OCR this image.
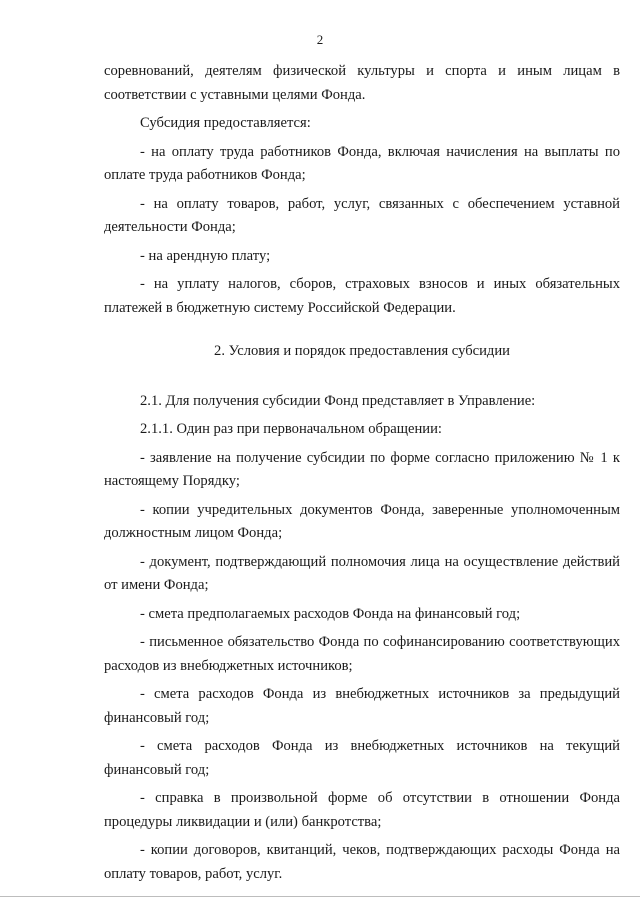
2

соревнований, деятелям физической культуры и спорта и иным лицам в соответствии с уставными целями Фонда.

Субсидия предоставляется:

- на оплату труда работников Фонда, включая начисления на выплаты по оплате труда работников Фонда;

- на оплату товаров, работ, услуг, связанных с обеспечением уставной деятельности Фонда;

- на арендную плату;

- на уплату налогов, сборов, страховых взносов и иных обязательных платежей в бюджетную систему Российской Федерации.

2. Условия и порядок предоставления субсидии

2.1. Для получения субсидии Фонд представляет в Управление:

2.1.1. Один раз при первоначальном обращении:

- заявление на получение субсидии по форме согласно приложению № 1 к настоящему Порядку;

- копии учредительных документов Фонда, заверенные уполномоченным должностным лицом Фонда;

- документ, подтверждающий полномочия лица на осуществление действий от имени Фонда;

- смета предполагаемых расходов Фонда на финансовый год;

- письменное обязательство Фонда по софинансированию соответствующих расходов из внебюджетных источников;

- смета расходов Фонда из внебюджетных источников за предыдущий финансовый год;

- смета расходов Фонда из внебюджетных источников на текущий финансовый год;

- справка в произвольной форме об отсутствии в отношении Фонда процедуры ликвидации и (или) банкротства;

- копии договоров, квитанций, чеков, подтверждающих расходы Фонда на оплату товаров, работ, услуг.
